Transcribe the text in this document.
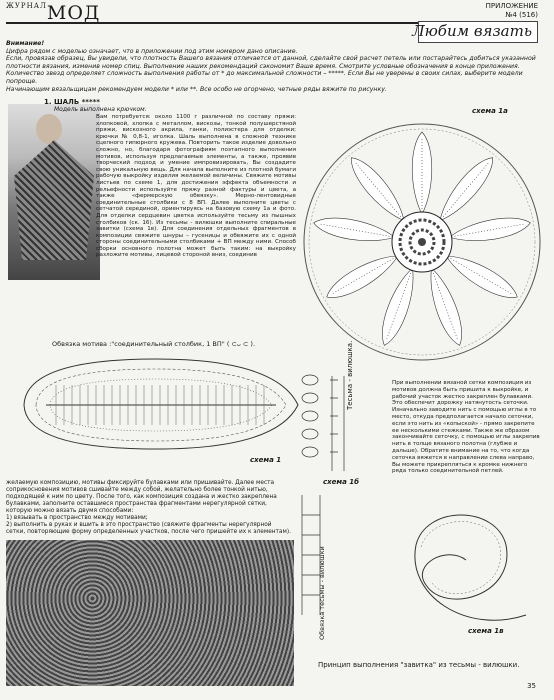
$^{ЖУРНАЛ}$МОД	ПРИЛОЖЕНИЕ
№4 (516)
Любим вязать
Внимание!
Цифра рядом с моделью означает, что в приложении под этим номером дано описание.
Если, провязав образец, Вы увидели, что плотность Вашего вязания отличается от данной, сделайте свой расчет петель или постарайтесь добиться указанной
плотности вязания, изменив номер спиц. Выполнение наших рекомендаций сэкономит Ваше время. Смотрите условные обозначения в конце приложения.
Количество звезд определяет сложность выполнения работы от * до максимальной сложности – *****. Если Вы не уверены в своих силах, выберите модели попроще.
Начинающим вязальщицам рекомендуем модели * или **. Все особо не огорчено, четные ряды вяжите по рисунку.
1. ШАЛЬ *****
Модель выполнена крючком.
Вам потребуется: около 1100 г различной по составу пряжи: хлопковой, хлопка с металлом, вискозы, тонкой полушерстяной пряжи, вискозного акрила, ганки, полиэстера для отделки; крючки № 0,8-1, иголка. Шаль выполнена в сложной технике сцепного гипюрного кружева. Повторить такое изделие довольно сложно, но, благодаря фотографиям поэтапного выполнения мотивов, используя предлагаемые элементы, а также, проявив творческий подход и умение импровизировать, Вы создадите свою уникальную вещь. Для начала выполните из плотной бумаги рабочую выкройку изделия желаемой величины. Свяжите мотивы листьев по схеме 1, для достижения эффекта объемности и рельефности используйте пряжу разной фактуры и цвета, а также «фермерскую обвязку». Мерно-лентовидные соединительные столбики с 8 ВП. Далее выполните цветы с сетчатой серединой, ориентируясь на базовую схему 1а и фото. Для отделки сердцевин цветка используйте тесьму из пышных столбиков (ск. 16). Из тесьмы - вилюшки выполните спиральные завитки (схема 1в). Для соединения отдельных фрагментов в композиции свяжите шнуры – гусеницы и обвяжите их с одной стороны соединительными столбиками + ВП между ними. Способ сборки основного полотна может быть таким: на выкройку разложите мотивы, лицевой стороной вниз, соединив
схема 1а
Обвязка мотива :"соединительный столбик, 1 ВП" ( ⊂ᴗ ⊂ ).
схема 1
Тесьма - вилюшка.
схема 1б
Обвязка тесьмы - вилюшки	схема 1в
При выполнении вязаной сетки композиция из мотивов должна быть пришита к выкройке, и рабочий участок жестко закреплен булавками. Это обеспечит дорожку натянутость сеточки. Изначально заводите нить с помощью иглы в то место, откуда предполагается начало сеточки, если это нить из «копыской» - прямо закрепите ее несколькими стежками. Также же образом закончивайте сеточку, с помощью иглы закрепив нить в толще вязаного полотна (глубже и дальше). Обратите внимание на то, что когда сеточка вяжется в направлении слева направо, Вы можете прикрепляться к кромке нижнего ряда только соединительной петлей.
желаемую композицию, мотивы фиксируйте булавками или пришивайте. Далее места соприкосновения мотивов сшивайте между собой, желательно более тонкой нитью, подходящей к ним по цвету. После того, как композиция создана и жестко закреплена булавками, заполните оставшиеся пространства фрагментами нерегулярной сетки, которую можно вязать двумя способами:
1) вязывать в пространство между мотивами;
2) выполнить в руках и вшить в это пространство (свяжите фрагменты нерегулярной сетки, повторяющие форму определенных участков, после чего пришейте их к элементам).
Принцип выполнения "завитка" из тесьмы - вилюшки.
35
